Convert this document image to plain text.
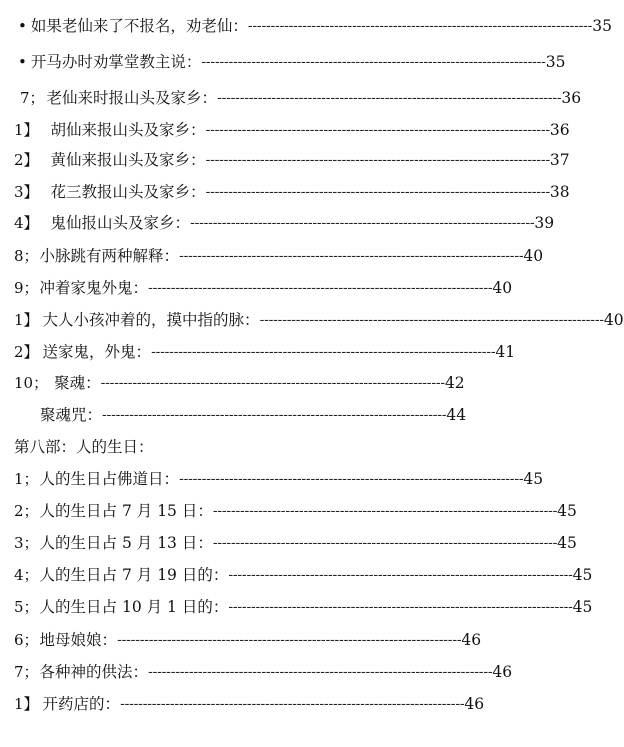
• 如果老仙来了不报名，劝老仙： ---------------------------------------------------------------------------- 35
• 开马办时劝掌堂教主说： ---------------------------------------------------------------------------- 35
7； 老仙来时报山头及家乡： ---------------------------------------------------------------------------- 36
1】 胡仙来报山头及家乡： ---------------------------------------------------------------------------- 36
2】 黄仙来报山头及家乡： ---------------------------------------------------------------------------- 37
3】 花三教报山头及家乡： ---------------------------------------------------------------------------- 38
4】 鬼仙报山头及家乡： ---------------------------------------------------------------------------- 39
8； 小脉跳有两种解释： ---------------------------------------------------------------------------- 40
9； 冲着家鬼外鬼： ---------------------------------------------------------------------------- 40
1】 大人小孩冲着的，摸中指的脉： ---------------------------------------------------------------------------- 40
2】 送家鬼，外鬼： ---------------------------------------------------------------------------- 41
10； 聚魂： ---------------------------------------------------------------------------- 42
聚魂咒： ---------------------------------------------------------------------------- 44
第八部：人的生日：
1； 人的生日占佛道日： ---------------------------------------------------------------------------- 45
2； 人的生日占 7 月 15 日： ---------------------------------------------------------------------------- 45
3； 人的生日占 5 月 13 日： ---------------------------------------------------------------------------- 45
4； 人的生日占 7 月 19 日的： ---------------------------------------------------------------------------- 45
5； 人的生日占 10 月 1 日的： ---------------------------------------------------------------------------- 45
6； 地母娘娘： ---------------------------------------------------------------------------- 46
7； 各种神的供法： ---------------------------------------------------------------------------- 46
1】 开药店的： ---------------------------------------------------------------------------- 46
